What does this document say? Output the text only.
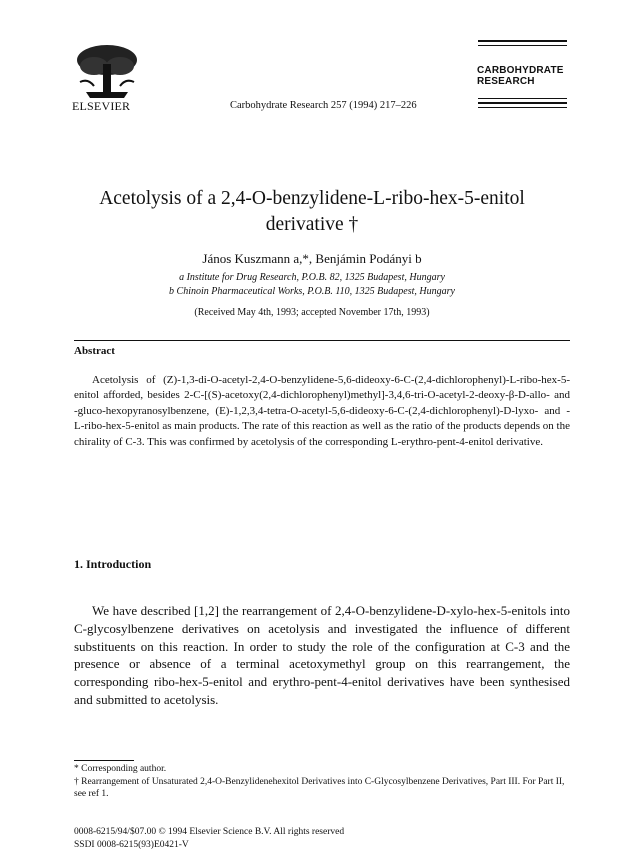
ELSEVIER	Carbohydrate Research 257 (1994) 217–226
CARBOHYDRATE
RESEARCH
Acetolysis of a 2,4-O-benzylidene-L-ribo-hex-5-enitol
derivative †
János Kuszmann a,*, Benjámin Podányi b
a Institute for Drug Research, P.O.B. 82, 1325 Budapest, Hungary
b Chinoin Pharmaceutical Works, P.O.B. 110, 1325 Budapest, Hungary
(Received May 4th, 1993; accepted November 17th, 1993)
Abstract

Acetolysis of (Z)-1,3-di-O-acetyl-2,4-O-benzylidene-5,6-dideoxy-6-C-(2,4-dichlorophenyl)-L-ribo-hex-5-enitol afforded, besides 2-C-[(S)-acetoxy(2,4-dichlorophenyl)methyl]-3,4,6-tri-O-acetyl-2-deoxy-β-D-allo- and -gluco-hexopyranosylbenzene, (E)-1,2,3,4-tetra-O-acetyl-5,6-dideoxy-6-C-(2,4-dichlorophenyl)-D-lyxo- and -L-ribo-hex-5-enitol as main products. The rate of this reaction as well as the ratio of the products depends on the chirality of C-3. This was confirmed by acetolysis of the corresponding L-erythro-pent-4-enitol derivative.

1. Introduction

We have described [1,2] the rearrangement of 2,4-O-benzylidene-D-xylo-hex-5-enitols into C-glycosylbenzene derivatives on acetolysis and investigated the influence of different substituents on this reaction. In order to study the role of the configuration at C-3 and the presence or absence of a terminal acetoxymethyl group on this rearrangement, the corresponding ribo-hex-5-enitol and erythro-pent-4-enitol derivatives have been synthesised and submitted to acetolysis.

* Corresponding author.
† Rearrangement of Unsaturated 2,4-O-Benzylidenehexitol Derivatives into C-Glycosylbenzene Derivatives, Part III. For Part II, see ref 1.
0008-6215/94/$07.00 © 1994 Elsevier Science B.V. All rights reserved
SSDI 0008-6215(93)E0421-V
